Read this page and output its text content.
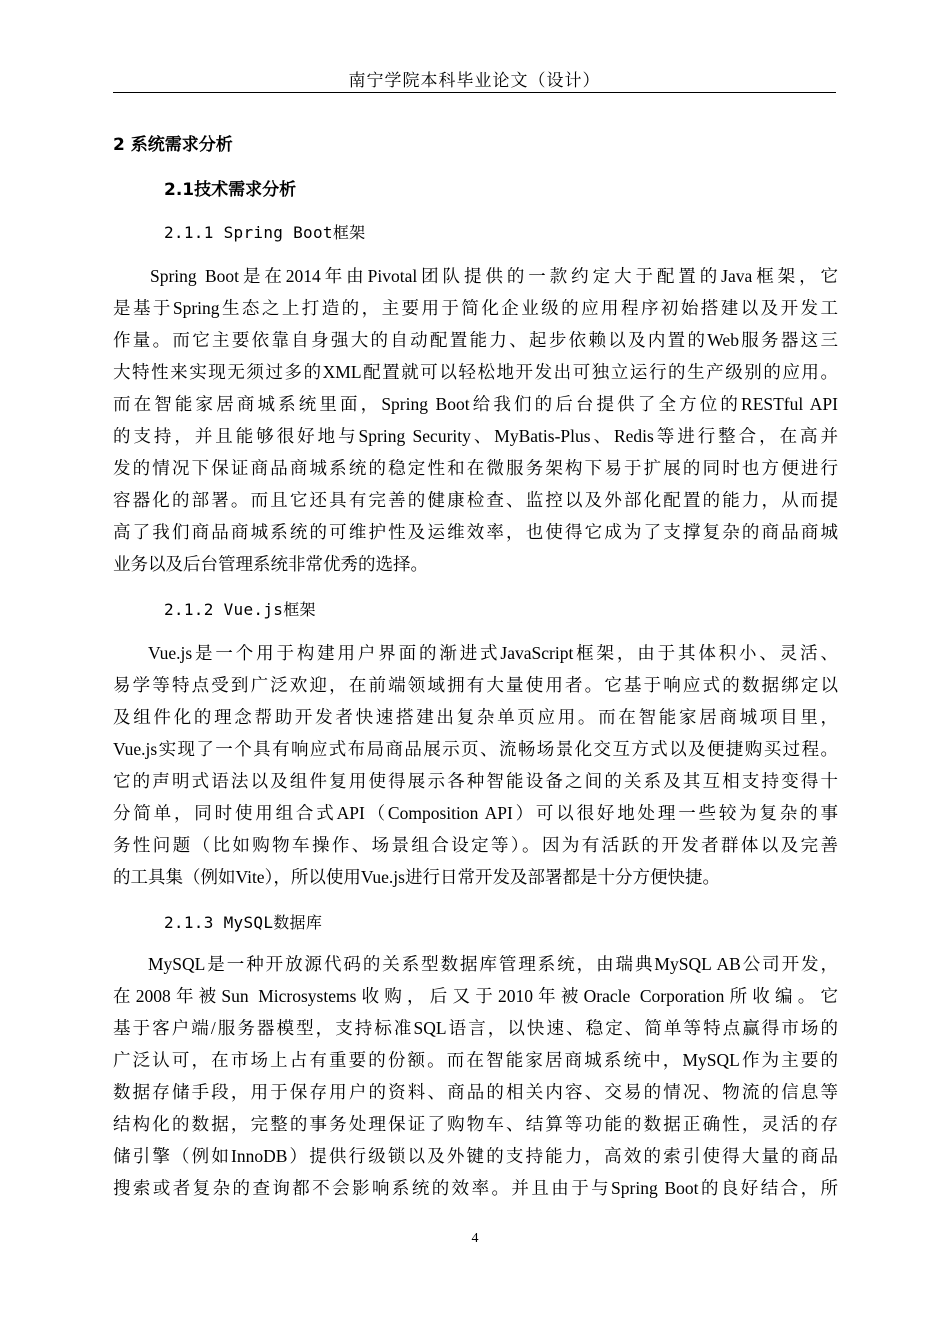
南宁学院本科毕业论文（设计）
2 系统需求分析
2.1技术需求分析
2.1.1 Spring Boot框架
Spring Boot是在2014年由Pivotal团队提供的一款约定大于配置的Java框架，它
是基于Spring生态之上打造的，主要用于简化企业级的应用程序初始搭建以及开发工
作量。而它主要依靠自身强大的自动配置能力、起步依赖以及内置的Web服务器这三
大特性来实现无须过多的XML配置就可以轻松地开发出可独立运行的生产级别的应用。
而在智能家居商城系统里面，Spring Boot给我们的后台提供了全方位的RESTful API
的支持，并且能够很好地与Spring Security、MyBatis-Plus、Redis等进行整合，在高并
发的情况下保证商品商城系统的稳定性和在微服务架构下易于扩展的同时也方便进行
容器化的部署。而且它还具有完善的健康检查、监控以及外部化配置的能力，从而提
高了我们商品商城系统的可维护性及运维效率，也使得它成为了支撑复杂的商品商城
业务以及后台管理系统非常优秀的选择。
2.1.2 Vue.js框架
Vue.js是一个用于构建用户界面的渐进式JavaScript框架，由于其体积小、灵活、
易学等特点受到广泛欢迎，在前端领域拥有大量使用者。它基于响应式的数据绑定以
及组件化的理念帮助开发者快速搭建出复杂单页应用。而在智能家居商城项目里，
Vue.js实现了一个具有响应式布局商品展示页、流畅场景化交互方式以及便捷购买过程。
它的声明式语法以及组件复用使得展示各种智能设备之间的关系及其互相支持变得十
分简单，同时使用组合式API（Composition API）可以很好地处理一些较为复杂的事
务性问题（比如购物车操作、场景组合设定等）。因为有活跃的开发者群体以及完善
的工具集（例如Vite），所以使用Vue.js进行日常开发及部署都是十分方便快捷。
2.1.3 MySQL数据库
MySQL是一种开放源代码的关系型数据库管理系统，由瑞典MySQL AB公司开发，
在2008年被Sun Microsystems收购，后又于2010年被Oracle Corporation所收编。它
基于客户端/服务器模型，支持标准SQL语言，以快速、稳定、简单等特点赢得市场的
广泛认可，在市场上占有重要的份额。而在智能家居商城系统中，MySQL作为主要的
数据存储手段，用于保存用户的资料、商品的相关内容、交易的情况、物流的信息等
结构化的数据，完整的事务处理保证了购物车、结算等功能的数据正确性，灵活的存
储引擎（例如InnoDB）提供行级锁以及外键的支持能力，高效的索引使得大量的商品
搜索或者复杂的查询都不会影响系统的效率。并且由于与Spring Boot的良好结合，所
4
